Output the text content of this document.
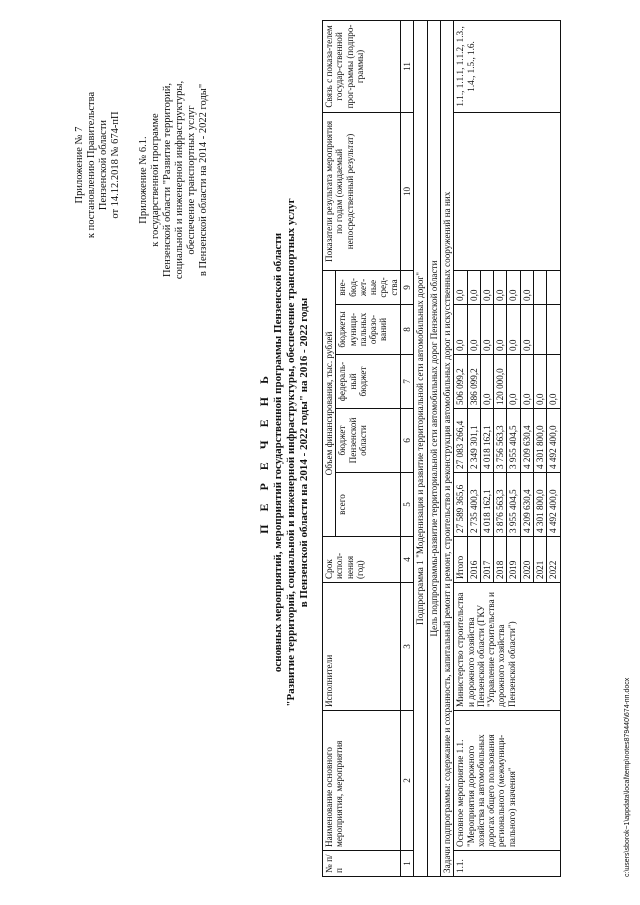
Приложение № 7 к постановлению Правительства Пензенской области от 14.12.2018 № 674-пП Приложение № 6.1. к государственной программе Пензенской области "Развитие территорий, социальной и инженерной инфраструктуры, обеспечение транспортных услуг в Пензенской области на 2014 - 2022 годы"
П Е Р Е Ч Е Н Ь основных мероприятий, мероприятий государственной программы Пензенской области "Развитие территорий, социальной и инженерной инфраструктуры, обеспечение транспортных услуг в Пензенской области на 2014 - 2022 годы" на 2016 - 2022 годы
№ п/п	Наименование основного мероприятия, мероприятия	Исполнители	Срок испол-нения (год)	Объем финансирования, тыс. рублей					Показатели результата мероприятия по годам (ожидаемый непосредственный результат)	Связь с показа-телем государ-ственной прог-раммы (подпро-граммы)
				всего	бюджет Пензенской области	федераль-ный бюджет	бюджеты муници-пальных образо-ваний	вне-бюд-жет-ные сред-ства		
1	2	3	4	5	6	7	8	9	10	11
Подпрограмма 1 "Модернизация и развитие территориальной сети автомобильных дорог"										
Цель подпрограммы-развитие территориальной сети автомобильных дорог Пензенской области										
Задачи подпрограммы: содержание и сохранность, капитальный ремонт и ремонт, строительство и реконструкция автомобильных дорог и искусственных сооружений на них										
1.1.	Основное мероприятие 1.1. "Мероприятия дорожного хозяйства на автомобильных дорогах общего пользования регионального (межмуници-пального) значения"	Министерство строительства и дорожного хозяйства Пензенской области (ГКУ "Управление строительства и дорожного хозяйства Пензенской области")	Итого	27 589 365,6	27 083 266,4	506 099,2	0,0	0,0		1.1., 1.1.1, 1.1.2, 1.3., 1.4., 1.5., 1.6.
			2016	2 735 400,3	2 349 301,1	386 099,2	0,0	0,0		
			2017	4 018 162,1	4 018 162,1	0,0	0,0	0,0		
			2018	3 876 563,3	3 756 563,3	120 000,0	0,0	0,0		
			2019	3 955 404,5	3 955 404,5	0,0	0,0	0,0		
			2020	4 209 630,4	4 209 630,4	0,0	0,0	0,0		
			2021	4 301 800,0	4 301 800,0	0,0				
			2022	4 492 400,0	4 492 400,0	0,0				
c:\users\sborok~1\appdata\local\temp\notes879440\674-пп.docx
